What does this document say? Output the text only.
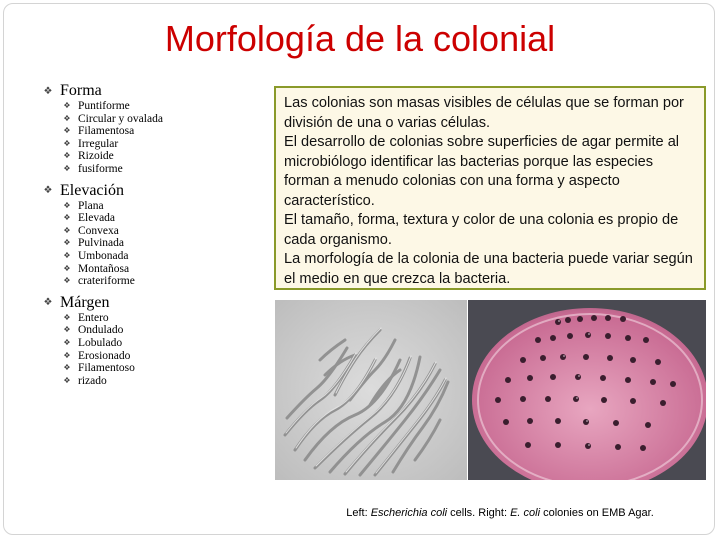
Morfología de la colonial
❖ Forma
❖ Puntiforme
❖ Circular y ovalada
❖ Filamentosa
❖ Irregular
❖ Rizoide
❖ fusiforme
❖ Elevación
❖ Plana
❖ Elevada
❖ Convexa
❖ Pulvinada
❖ Umbonada
❖ Montañosa
❖ crateriforme
❖ Márgen
❖ Entero
❖ Ondulado
❖ Lobulado
❖ Erosionado
❖ Filamentoso
❖ rizado

Las colonias son masas visibles de células que se forman por división de una o varias células.

El desarrollo de colonias sobre superficies de agar permite al microbiólogo identificar las bacterias porque las especies forman a menudo colonias con una forma y aspecto característico.

El tamaño, forma, textura y color de una colonia es propio de cada organismo.

La morfología de la colonia de una bacteria puede variar según el medio en que crezca la bacteria.

Left: Escherichia coli cells. Right: E. coli colonies on EMB Agar.
